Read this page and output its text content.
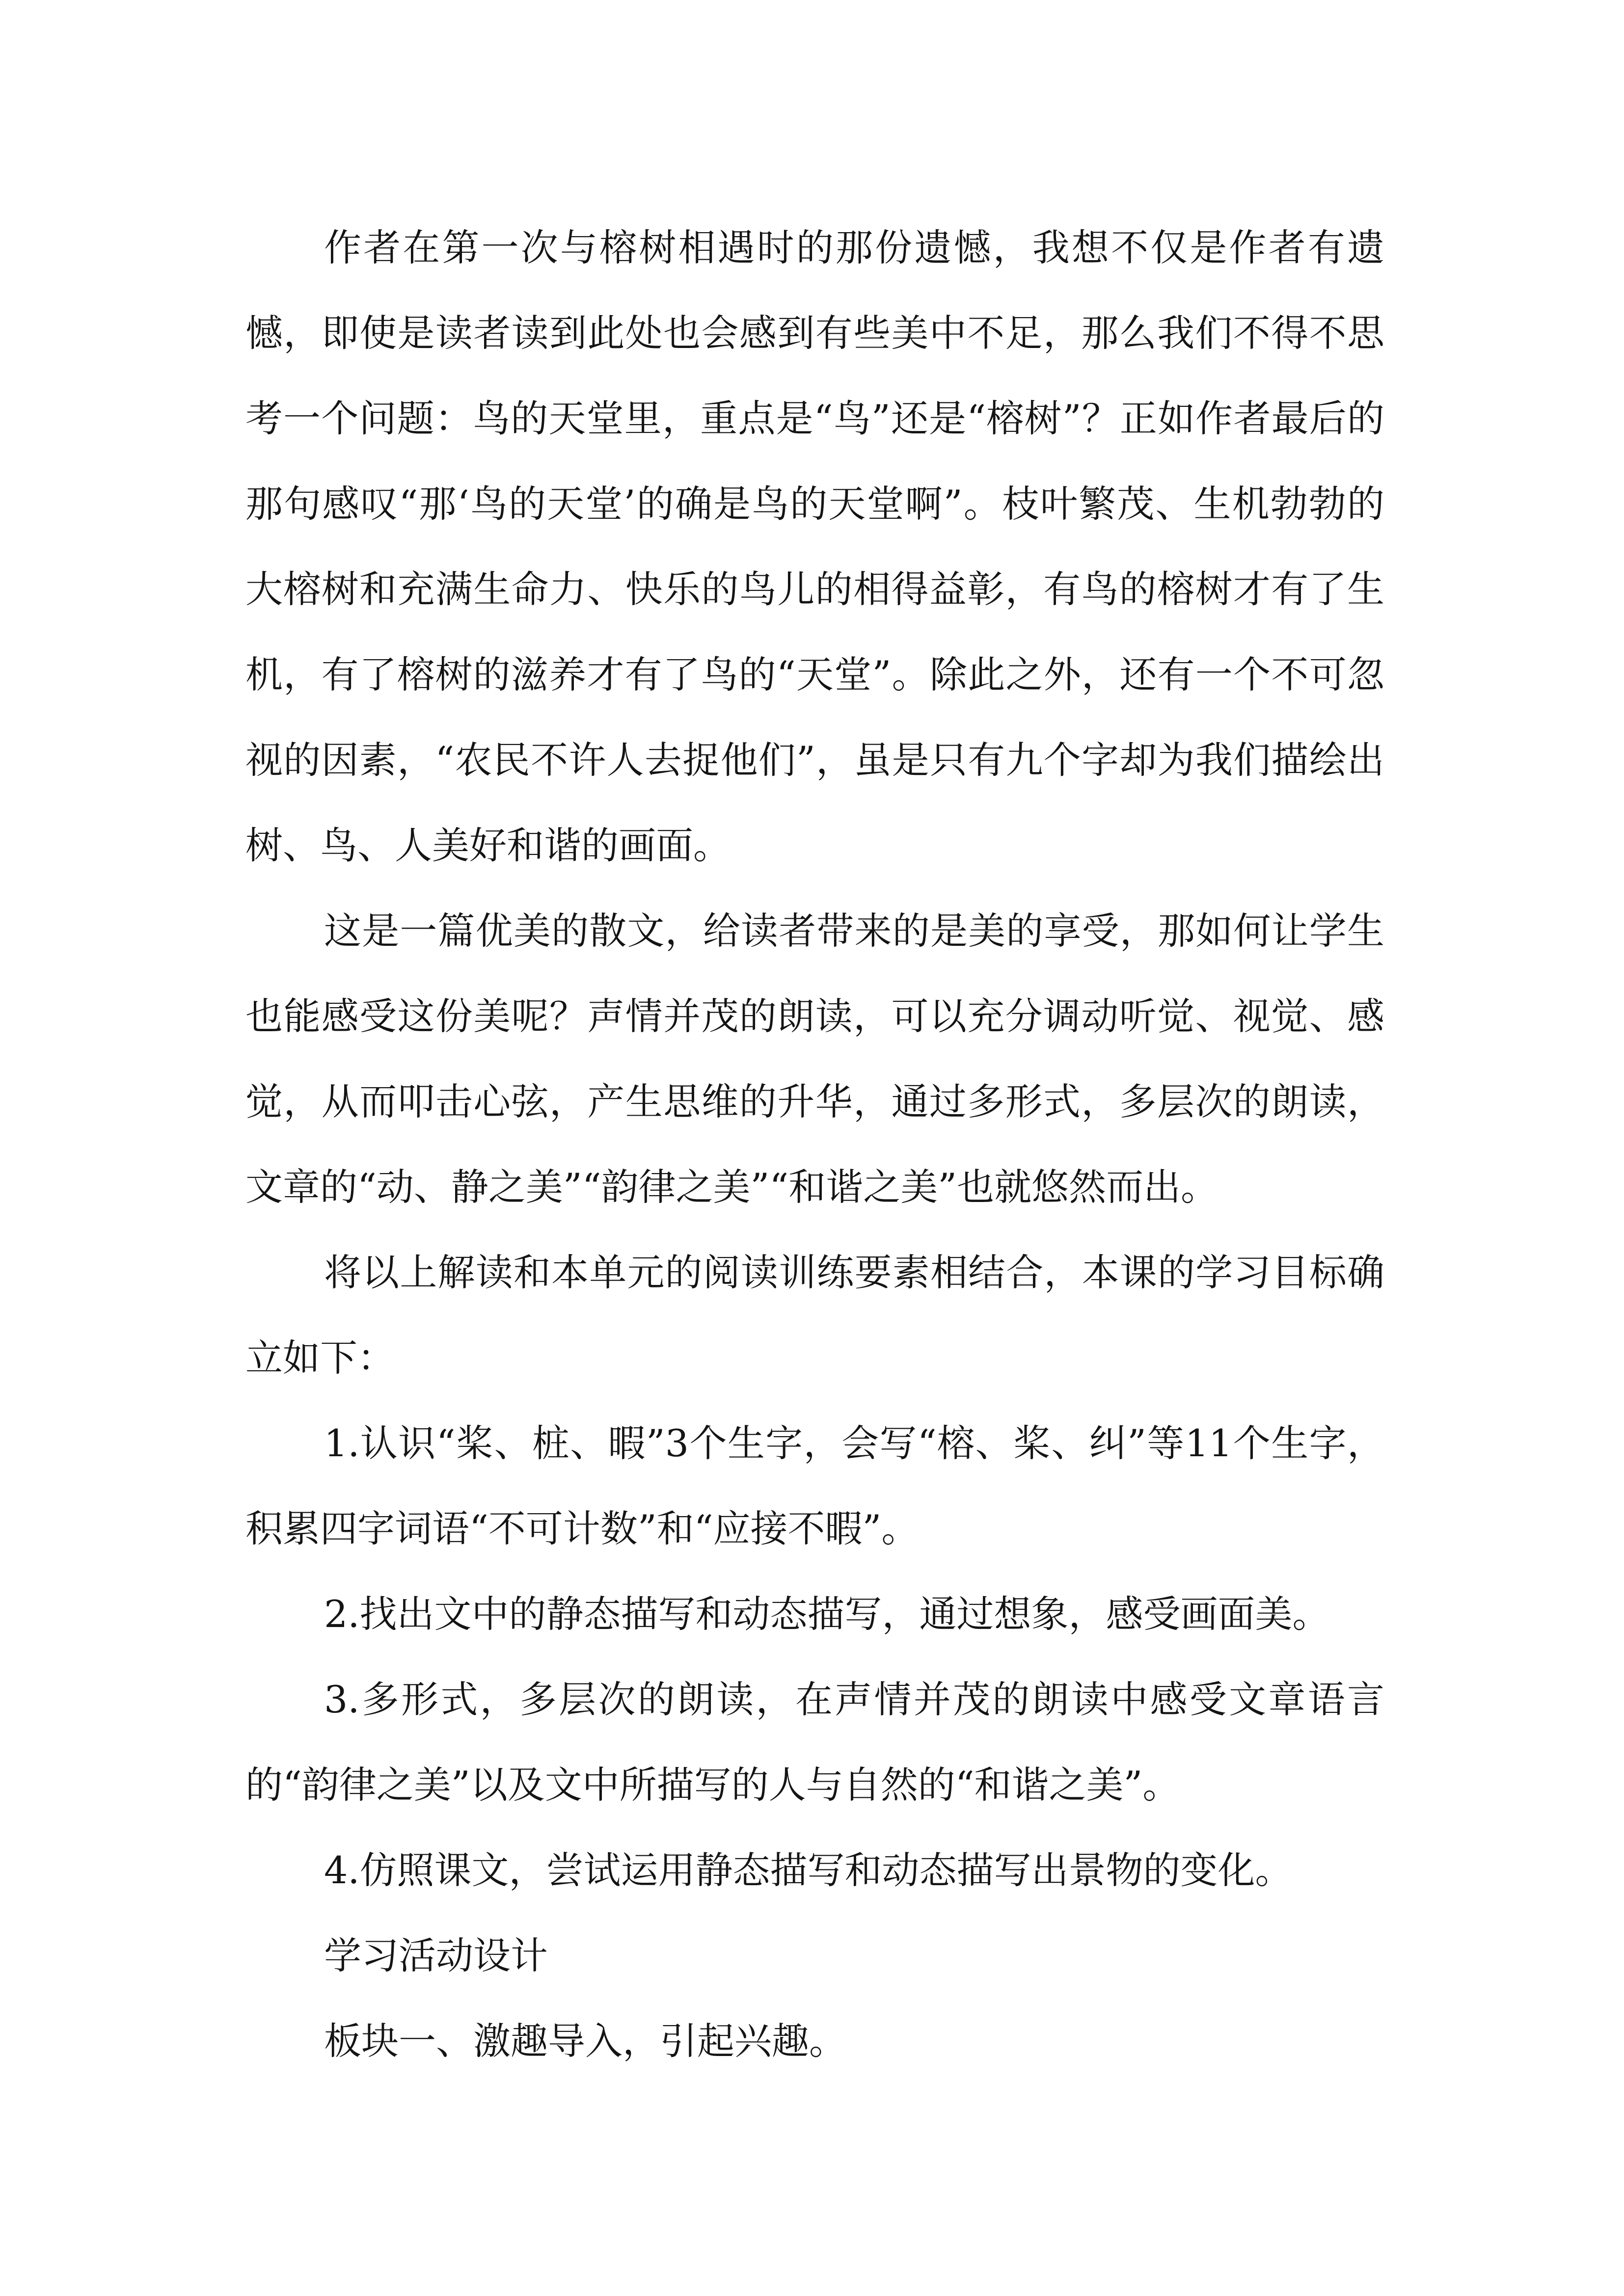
作者在第一次与榕树相遇时的那份遗憾，我想不仅是作者有遗憾，即使是读者读到此处也会感到有些美中不足，那么我们不得不思考一个问题：鸟的天堂里，重点是“鸟”还是“榕树”？正如作者最后的那句感叹“那‘鸟的天堂’的确是鸟的天堂啊”。枝叶繁茂、生机勃勃的大榕树和充满生命力、快乐的鸟儿的相得益彰，有鸟的榕树才有了生机，有了榕树的滋养才有了鸟的“天堂”。除此之外，还有一个不可忽视的因素，“农民不许人去捉他们”，虽是只有九个字却为我们描绘出树、鸟、人美好和谐的画面。

这是一篇优美的散文，给读者带来的是美的享受，那如何让学生也能感受这份美呢？声情并茂的朗读，可以充分调动听觉、视觉、感觉，从而叩击心弦，产生思维的升华，通过多形式，多层次的朗读，文章的“动、静之美”“韵律之美”“和谐之美”也就悠然而出。

将以上解读和本单元的阅读训练要素相结合，本课的学习目标确立如下：

1.认识“桨、桩、暇”3个生字，会写“榕、桨、纠”等11个生字，积累四字词语“不可计数”和“应接不暇”。

2.找出文中的静态描写和动态描写，通过想象，感受画面美。

3.多形式，多层次的朗读，在声情并茂的朗读中感受文章语言的“韵律之美”以及文中所描写的人与自然的“和谐之美”。

4.仿照课文，尝试运用静态描写和动态描写出景物的变化。

学习活动设计

板块一、激趣导入，引起兴趣。
